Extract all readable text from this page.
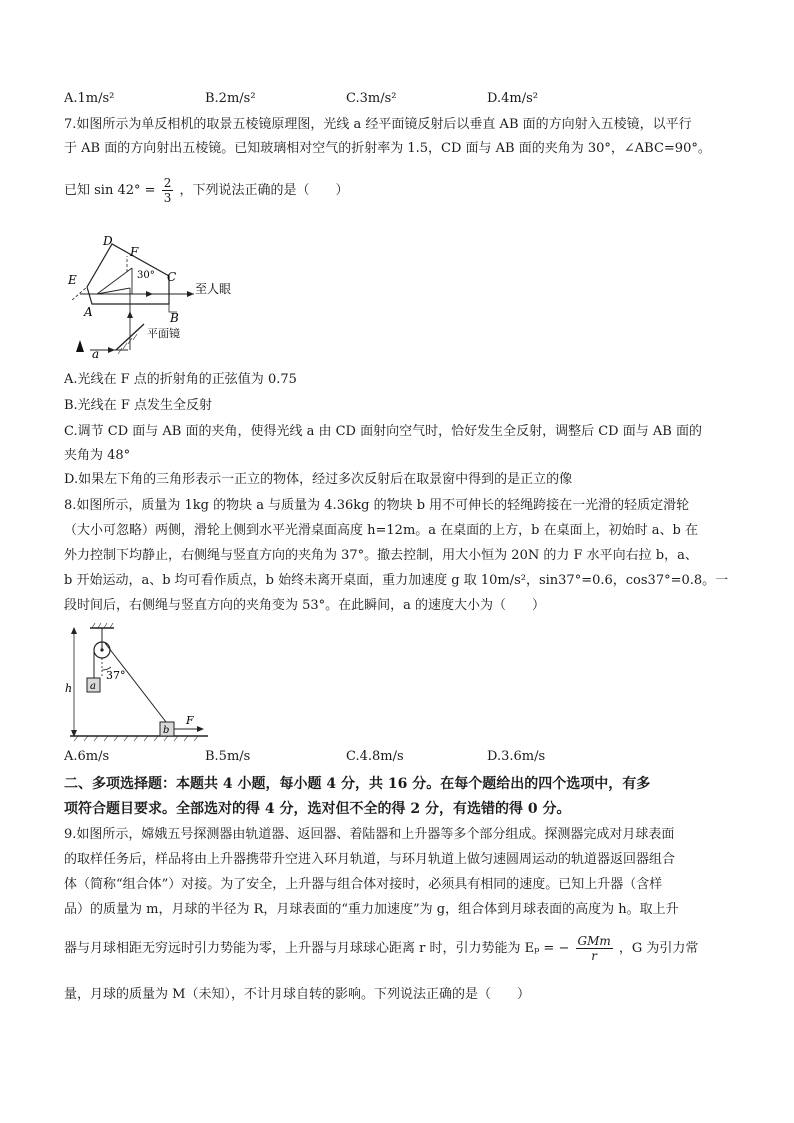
A.1m/s²	B.2m/s²	C.3m/s²	D.4m/s²
7.如图所示为单反相机的取景五棱镜原理图，光线 a 经平面镜反射后以垂直 AB 面的方向射入五棱镜，以平行
于 AB 面的方向射出五棱镜。已知玻璃相对空气的折射率为 1.5，CD 面与 AB 面的夹角为 30°，∠ABC=90°。
已知 $\sin 42^\circ = \frac{2}{3}$ ，下列说法正确的是（　　）
D
F
30° C
E
A	B
至人眼
平面镜
a
A.光线在 F 点的折射角的正弦值为 0.75
B.光线在 F 点发生全反射
C.调节 CD 面与 AB 面的夹角，使得光线 a 由 CD 面射向空气时，恰好发生全反射，调整后 CD 面与 AB 面的
夹角为 48°
D.如果左下角的三角形表示一正立的物体，经过多次反射后在取景窗中得到的是正立的像
8.如图所示，质量为 1kg 的物块 a 与质量为 4.36kg 的物块 b 用不可伸长的轻绳跨接在一光滑的轻质定滑轮
（大小可忽略）两侧，滑轮上侧到水平光滑桌面高度 h=12m。a 在桌面的上方，b 在桌面上，初始时 a、b 在
外力控制下均静止，右侧绳与竖直方向的夹角为 37°。撤去控制，用大小恒为 20N 的力 F 水平向右拉 b，a、
b 开始运动，a、b 均可看作质点，b 始终未离开桌面，重力加速度 g 取 10m/s²，sin37°=0.6，cos37°=0.8。一
段时间后，右侧绳与竖直方向的夹角变为 53°。在此瞬间，a 的速度大小为（　　）
a
37°
b
F
h
A.6m/s	B.5m/s	C.4.8m/s	D.3.6m/s
二、多项选择题：本题共 4 小题，每小题 4 分，共 16 分。在每个题给出的四个选项中，有多
项符合题目要求。全部选对的得 4 分，选对但不全的得 2 分，有选错的得 0 分。
9.如图所示，嫦娥五号探测器由轨道器、返回器、着陆器和上升器等多个部分组成。探测器完成对月球表面
的取样任务后，样品将由上升器携带升空进入环月轨道，与环月轨道上做匀速圆周运动的轨道器返回器组合
体（简称“组合体”）对接。为了安全，上升器与组合体对接时，必须具有相同的速度。已知上升器（含样
品）的质量为 m，月球的半径为 R，月球表面的“重力加速度”为 g，组合体到月球表面的高度为 h。取上升
器与月球相距无穷远时引力势能为零，上升器与月球球心距离 r 时，引力势能为 Eₚ = − $\frac{\text{GMm}}{r}$ ，G 为引力常
量，月球的质量为 M（未知），不计月球自转的影响。下列说法正确的是（　　）
